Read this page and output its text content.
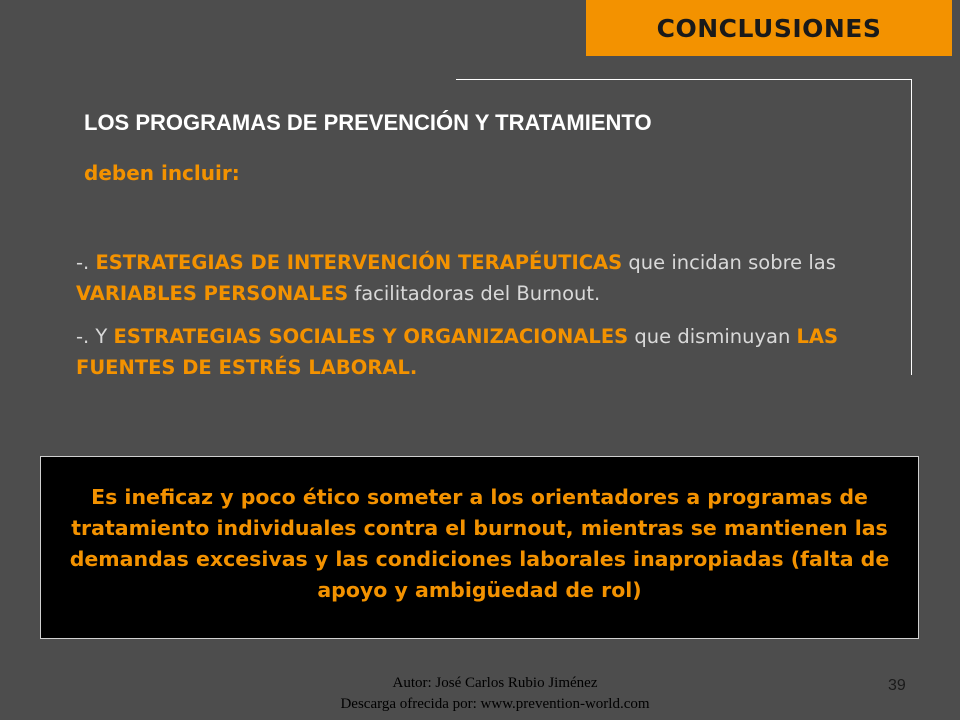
CONCLUSIONES
LOS PROGRAMAS DE PREVENCIÓN Y TRATAMIENTO
deben incluir:

-. ESTRATEGIAS DE INTERVENCIÓN TERAPÉUTICAS que incidan sobre las VARIABLES PERSONALES facilitadoras del Burnout.

-. Y ESTRATEGIAS SOCIALES Y ORGANIZACIONALES que disminuyan LAS FUENTES DE ESTRÉS LABORAL.

Es ineficaz y poco ético someter a los orientadores a programas de tratamiento individuales contra el burnout, mientras se mantienen las demandas excesivas y las condiciones laborales inapropiadas (falta de apoyo y ambigüedad de rol)

Autor: José Carlos Rubio Jiménez
Descarga ofrecida por: www.prevention-world.com
39
